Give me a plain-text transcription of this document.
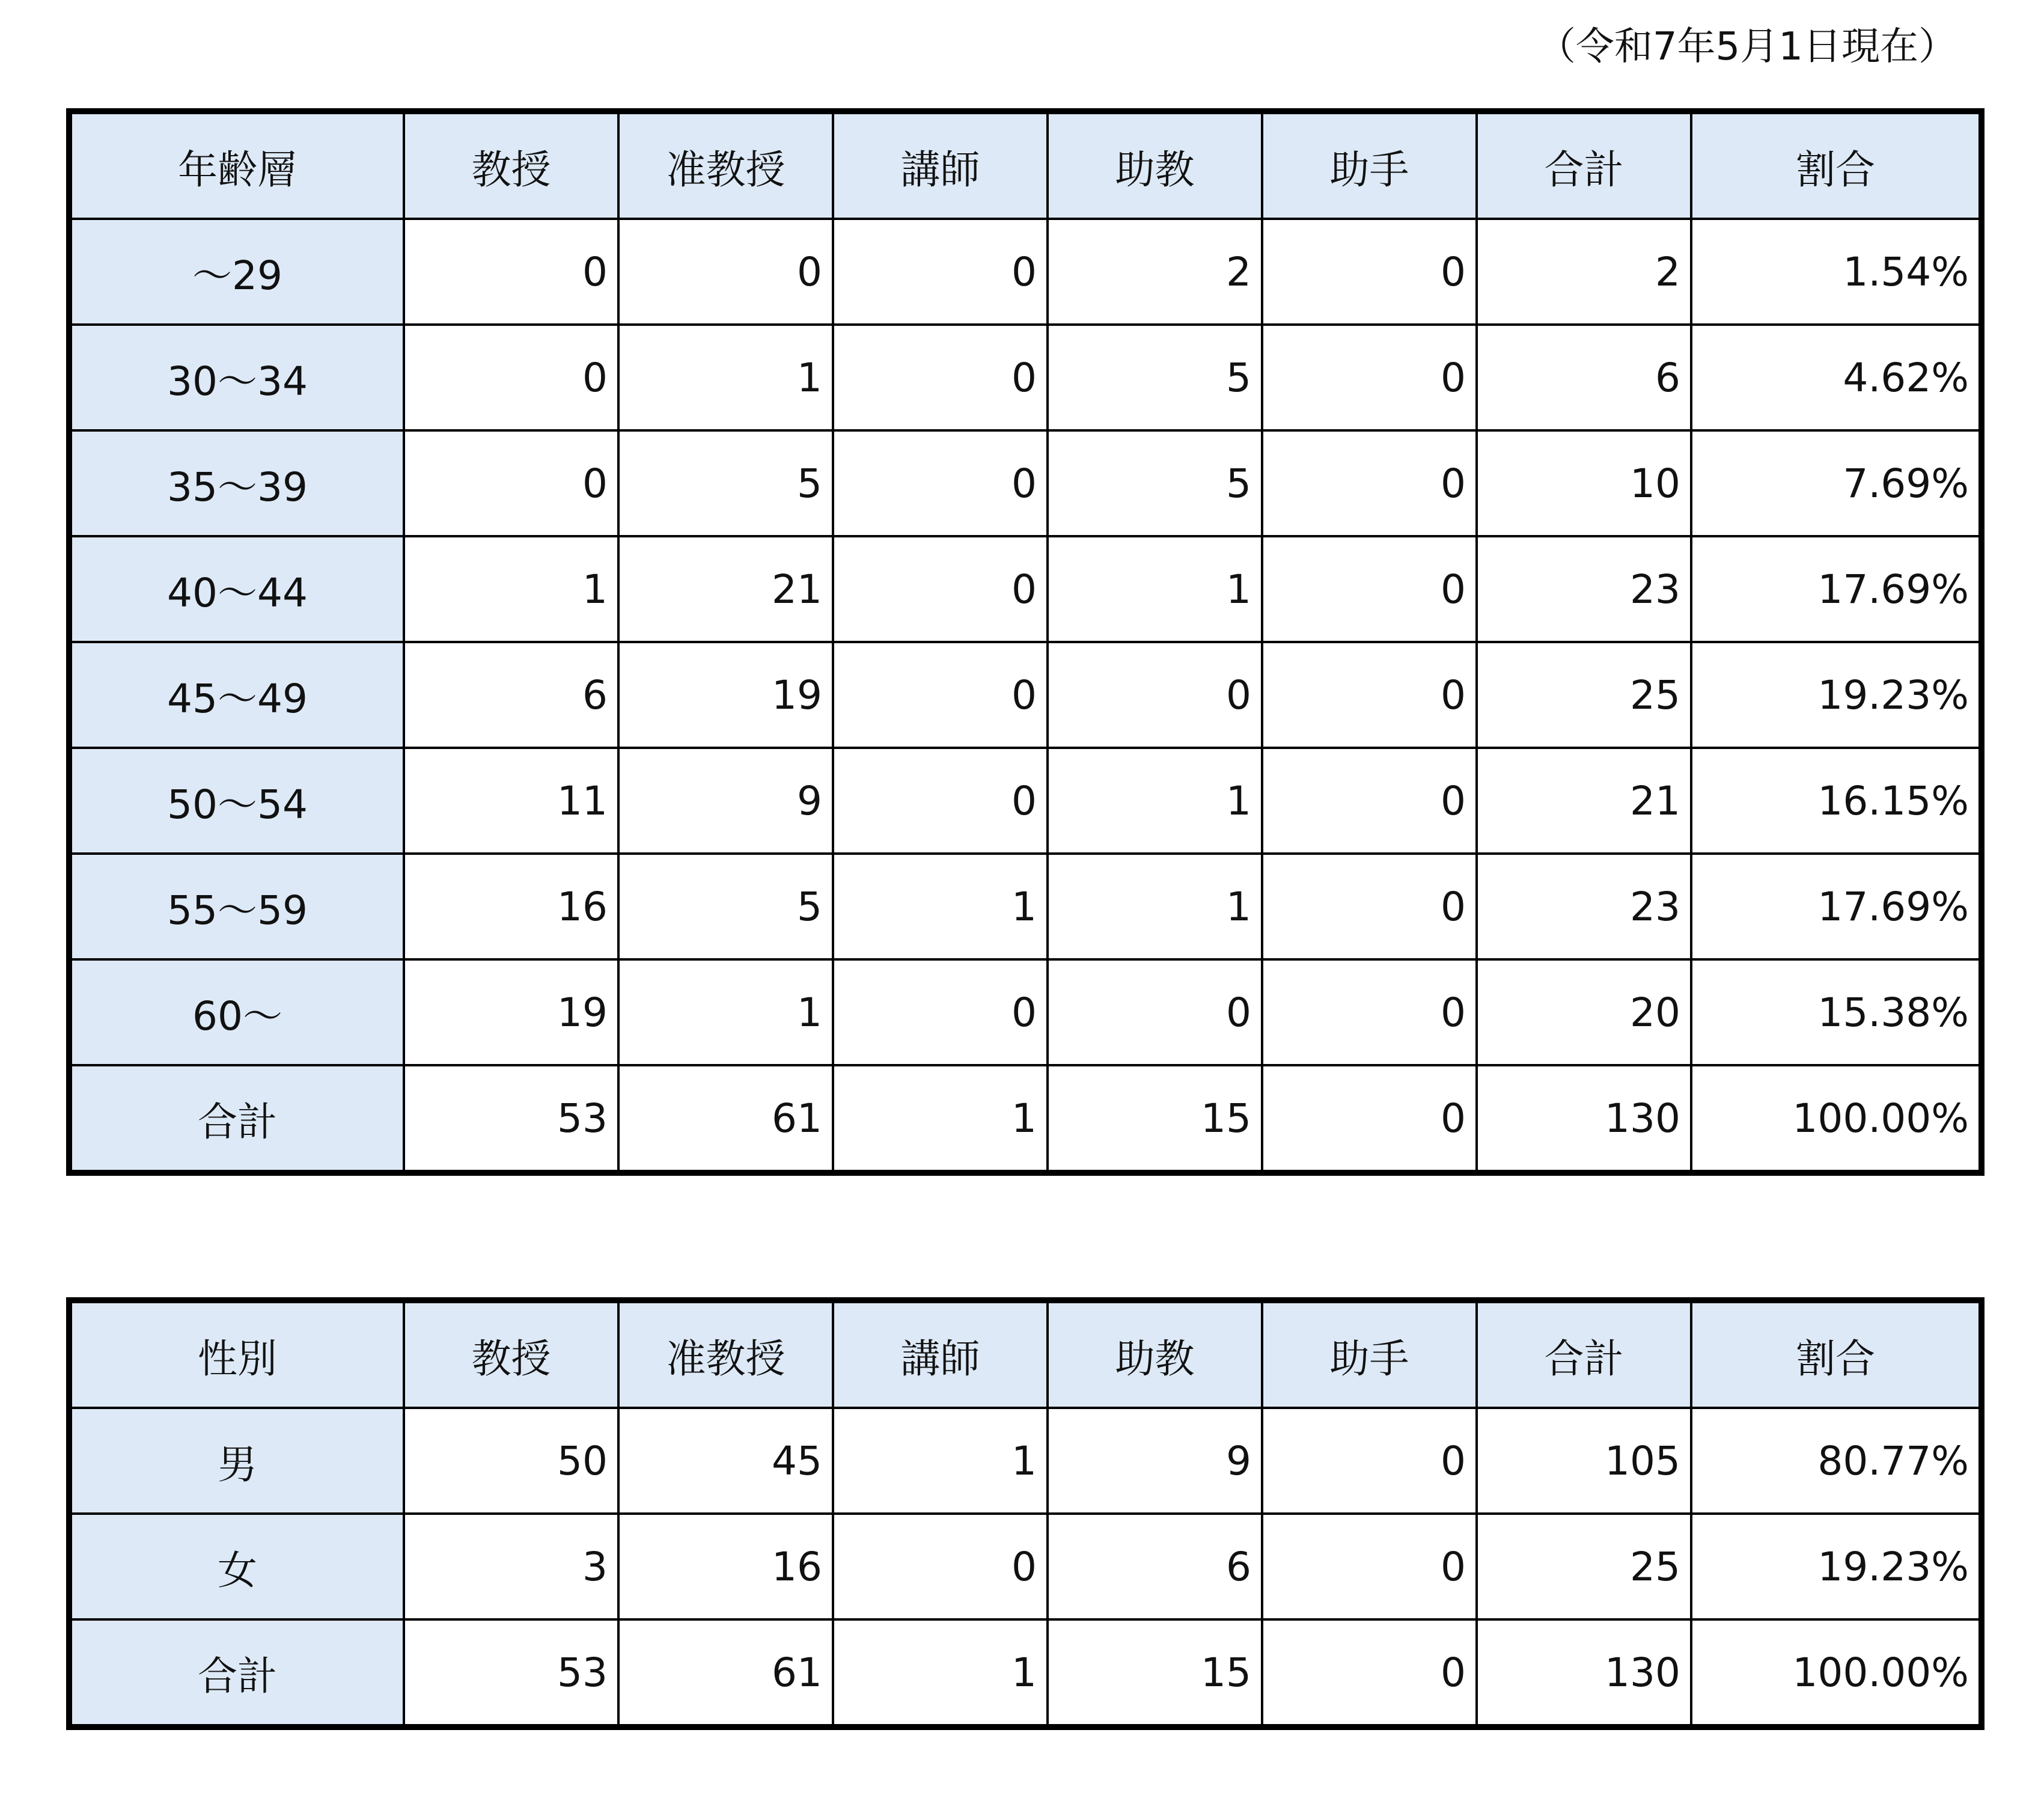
（令和7年5月1日現在）
年齢層	教授	准教授	講師	助教	助手	合計	割合
〜29	0	0	0	2	0	2	1.54%
30〜34	0	1	0	5	0	6	4.62%
35〜39	0	5	0	5	0	10	7.69%
40〜44	1	21	0	1	0	23	17.69%
45〜49	6	19	0	0	0	25	19.23%
50〜54	11	9	0	1	0	21	16.15%
55〜59	16	5	1	1	0	23	17.69%
60〜	19	1	0	0	0	20	15.38%
合計	53	61	1	15	0	130	100.00%
性別	教授	准教授	講師	助教	助手	合計	割合
男	50	45	1	9	0	105	80.77%
女	3	16	0	6	0	25	19.23%
合計	53	61	1	15	0	130	100.00%
